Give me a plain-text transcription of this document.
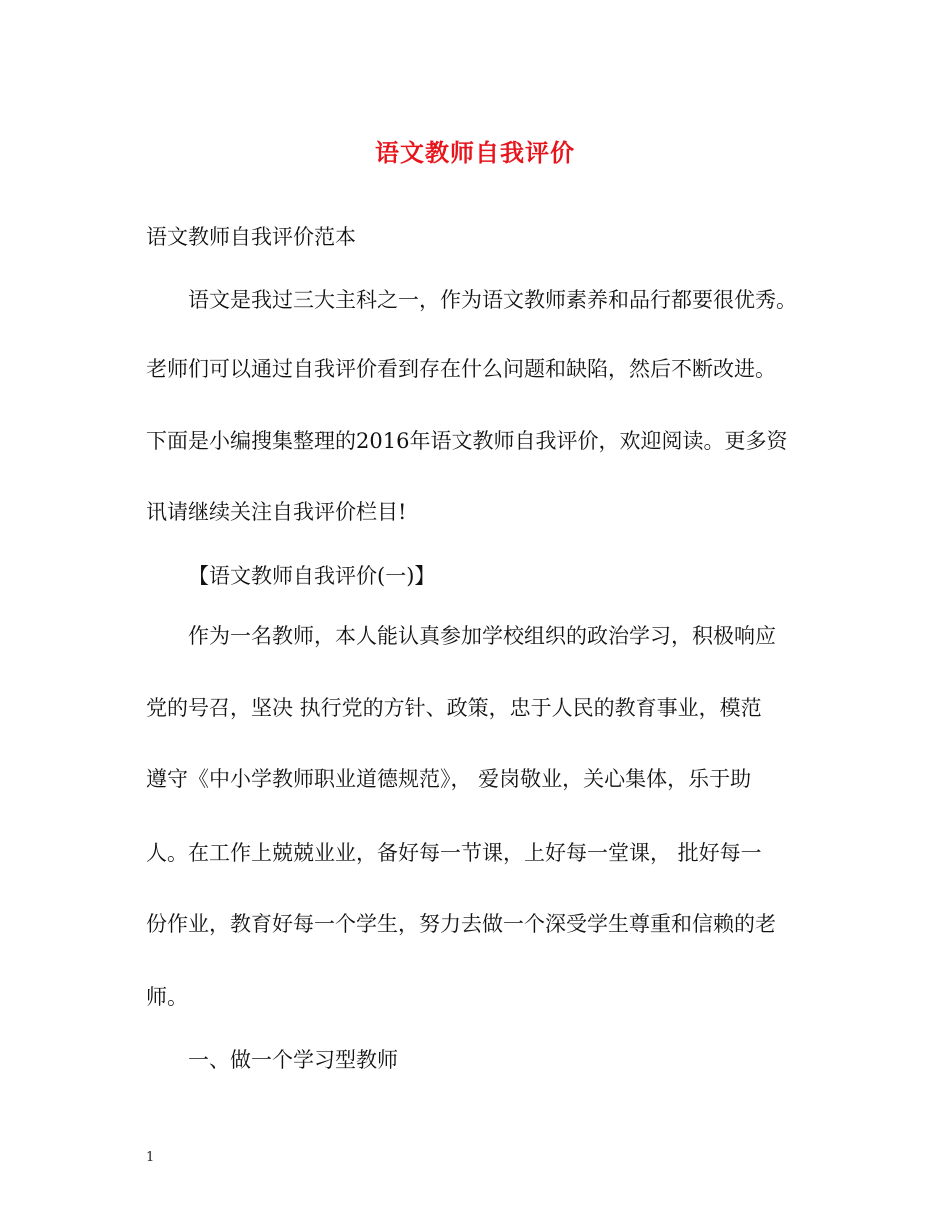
语文教师自我评价
语文教师自我评价范本
语文是我过三大主科之一，作为语文教师素养和品行都要很优秀。
老师们可以通过自我评价看到存在什么问题和缺陷，然后不断改进。
下面是小编搜集整理的2016年语文教师自我评价，欢迎阅读。更多资
讯请继续关注自我评价栏目!
【语文教师自我评价(一)】
作为一名教师，本人能认真参加学校组织的政治学习，积极响应
党的号召，坚决 执行党的方针、政策，忠于人民的教育事业，模范
遵守《中小学教师职业道德规范》， 爱岗敬业，关心集体，乐于助
人。在工作上兢兢业业，备好每一节课，上好每一堂课， 批好每一
份作业，教育好每一个学生，努力去做一个深受学生尊重和信赖的老
师。
一、做一个学习型教师
1
